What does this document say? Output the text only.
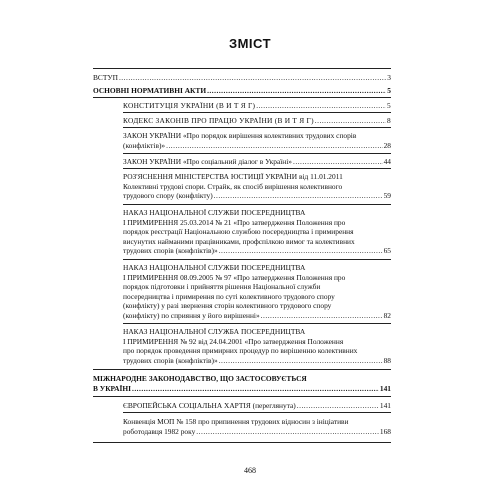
ЗМІСТ
ВСТУП .....	3
ОСНОВНІ НОРМАТИВНІ АКТИ .....	5
КОНСТИТУЦІЯ УКРАЇНИ (В И Т Я Г) .....	5
КОДЕКС ЗАКОНІВ ПРО ПРАЦЮ УКРАЇНИ (В И Т Я Г) .....	8
ЗАКОН УКРАЇНИ «Про порядок вирішення колективних трудових спорів
(конфліктів)» .....	28
ЗАКОН УКРАЇНИ «Про соціальний діалог в Україні» .....	44
РОЗ'ЯСНЕННЯ МІНІСТЕРСТВА ЮСТИЦІЇ УКРАЇНИ від 11.01.2011
Колективні трудові спори. Страйк, як спосіб вирішення колективного
трудового спору (конфлікту) .....	59
НАКАЗ НАЦІОНАЛЬНОЇ СЛУЖБИ ПОСЕРЕДНИЦТВА
І ПРИМИРЕННЯ 25.03.2014 № 21 «Про затвердження Положення про
порядок реєстрації Національною службою посередництва і примирення
висунутих найманими працівниками, профспілкою вимог та колективних
трудових спорів (конфліктів)» .....	65
НАКАЗ НАЦІОНАЛЬНОЇ СЛУЖБИ ПОСЕРЕДНИЦТВА
І ПРИМИРЕННЯ 08.09.2005 № 97 «Про затвердження Положення про
порядок підготовки і прийняття рішення Національної служби
посередництва і примирення по суті колективного трудового спору
(конфлікту) у разі звернення сторін колективного трудового спору
(конфлікту) по сприяння у його вирішенні» .....	82
НАКАЗ НАЦІОНАЛЬНОЇ СЛУЖБА ПОСЕРЕДНИЦТВА
І ПРИМИРЕННЯ № 92 від 24.04.2001 «Про затвердження Положення
про порядок проведення примирних процедур по вирішенню колективних
трудових спорів (конфліктів)» .....	88
МІЖНАРОДНЕ ЗАКОНОДАВСТВО, ЩО ЗАСТОСОВУЄТЬСЯ
В УКРАЇНІ .....	141
ЄВРОПЕЙСЬКА СОЦІАЛЬНА ХАРТІЯ (переглянута) .....	141
Конвенція МОП № 158 про припинення трудових відносин з ініціативи
роботодавця 1982 року .....	168
468
